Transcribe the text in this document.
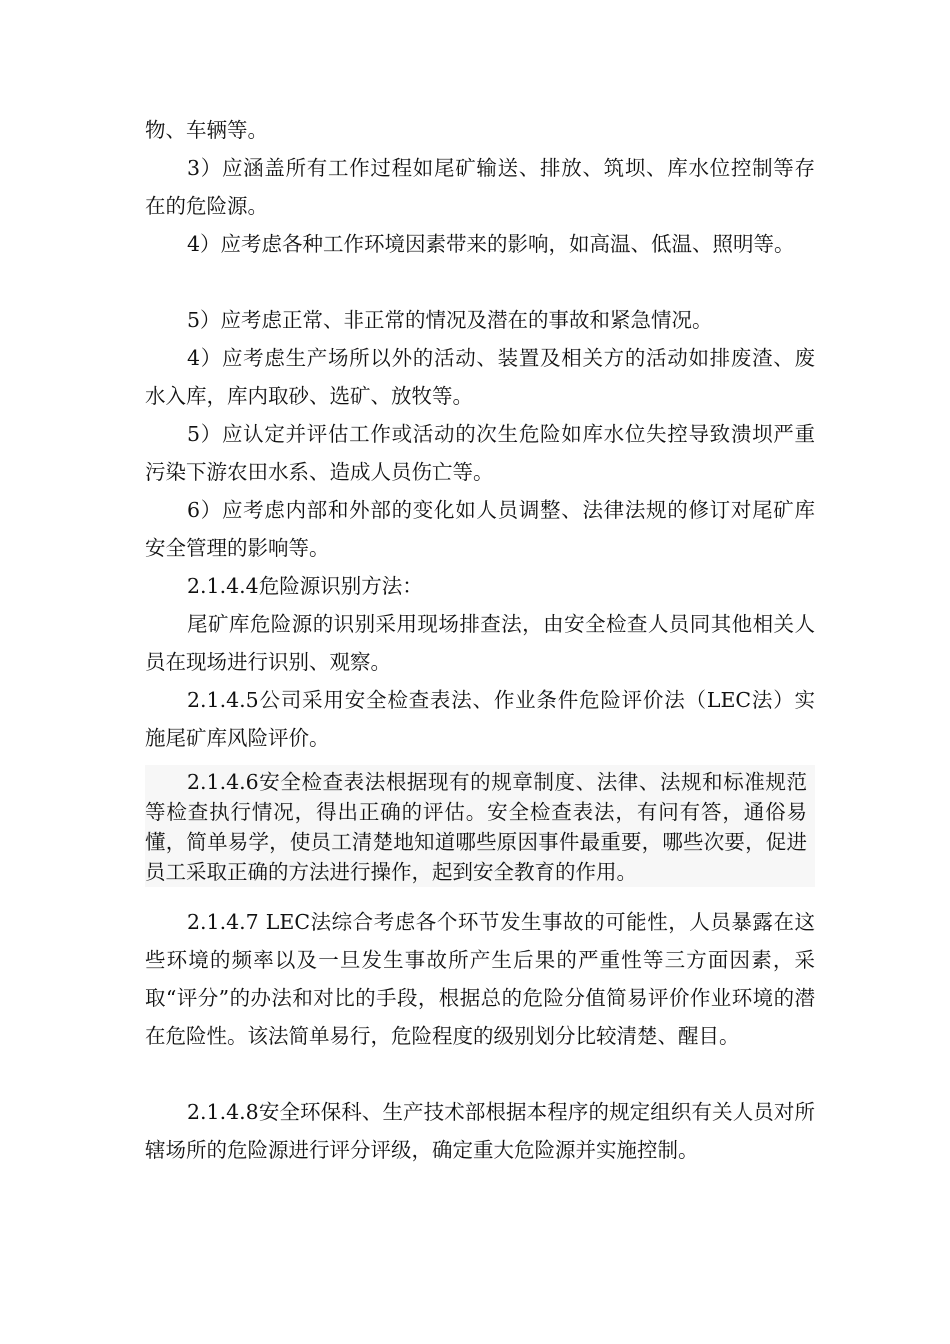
物、车辆等。

3）应涵盖所有工作过程如尾矿输送、排放、筑坝、库水位控制等存在的危险源。

4）应考虑各种工作环境因素带来的影响，如高温、低温、照明等。

5）应考虑正常、非正常的情况及潜在的事故和紧急情况。

4）应考虑生产场所以外的活动、装置及相关方的活动如排废渣、废水入库，库内取砂、选矿、放牧等。

5）应认定并评估工作或活动的次生危险如库水位失控导致溃坝严重污染下游农田水系、造成人员伤亡等。

6）应考虑内部和外部的变化如人员调整、法律法规的修订对尾矿库安全管理的影响等。

2.1.4.4危险源识别方法：

尾矿库危险源的识别采用现场排查法，由安全检查人员同其他相关人员在现场进行识别、观察。

2.1.4.5公司采用安全检查表法、作业条件危险评价法（LEC法）实施尾矿库风险评价。

2.1.4.6安全检查表法根据现有的规章制度、法律、法规和标准规范等检查执行情况，得出正确的评估。安全检查表法，有问有答，通俗易懂，简单易学，使员工清楚地知道哪些原因事件最重要，哪些次要，促进员工采取正确的方法进行操作，起到安全教育的作用。

2.1.4.7 LEC法综合考虑各个环节发生事故的可能性，人员暴露在这些环境的频率以及一旦发生事故所产生后果的严重性等三方面因素，采取“评分”的办法和对比的手段，根据总的危险分值简易评价作业环境的潜在危险性。该法简单易行，危险程度的级别划分比较清楚、醒目。

2.1.4.8安全环保科、生产技术部根据本程序的规定组织有关人员对所辖场所的危险源进行评分评级，确定重大危险源并实施控制。
